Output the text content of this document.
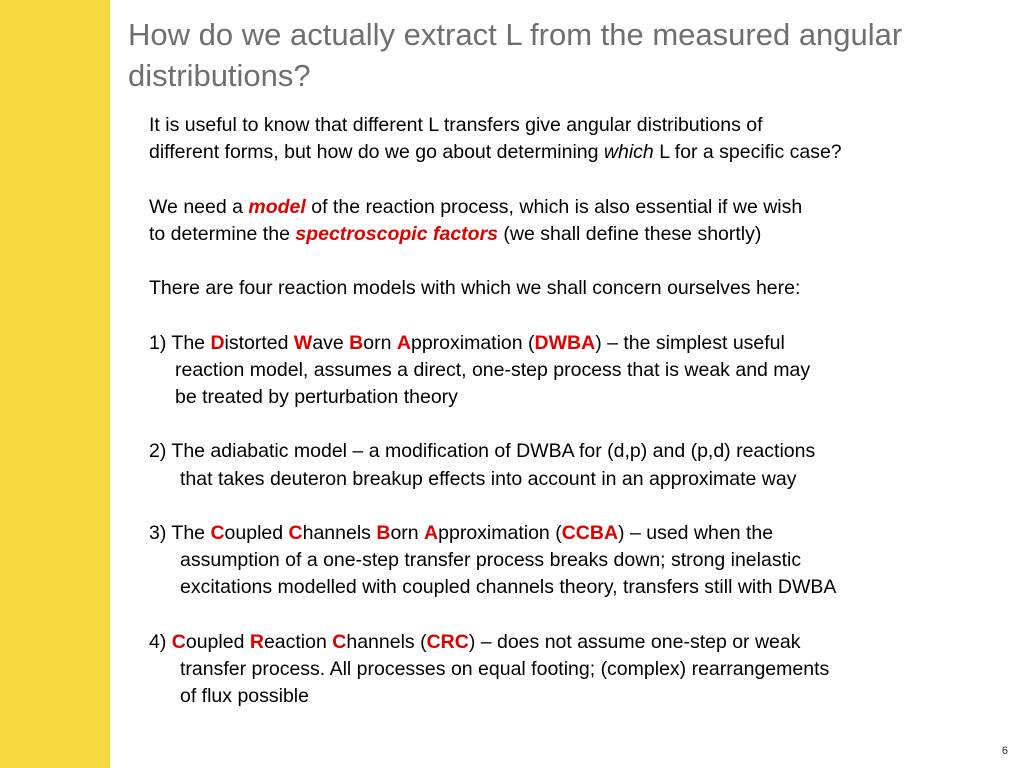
How do we actually extract L from the measured angular distributions?

It is useful to know that different L transfers give angular distributions of
different forms, but how do we go about determining which L for a specific case?

We need a model of the reaction process, which is also essential if we wish
to determine the spectroscopic factors (we shall define these shortly)

There are four reaction models with which we shall concern ourselves here:

1) The Distorted Wave Born Approximation (DWBA) – the simplest useful
reaction model, assumes a direct, one-step process that is weak and may
be treated by perturbation theory
2) The adiabatic model – a modification of DWBA for (d,p) and (p,d) reactions
that takes deuteron breakup effects into account in an approximate way
3) The Coupled Channels Born Approximation (CCBA) – used when the
assumption of a one-step transfer process breaks down; strong inelastic
excitations modelled with coupled channels theory, transfers still with DWBA
4) Coupled Reaction Channels (CRC) – does not assume one-step or weak
transfer process. All processes on equal footing; (complex) rearrangements
of flux possible
6
